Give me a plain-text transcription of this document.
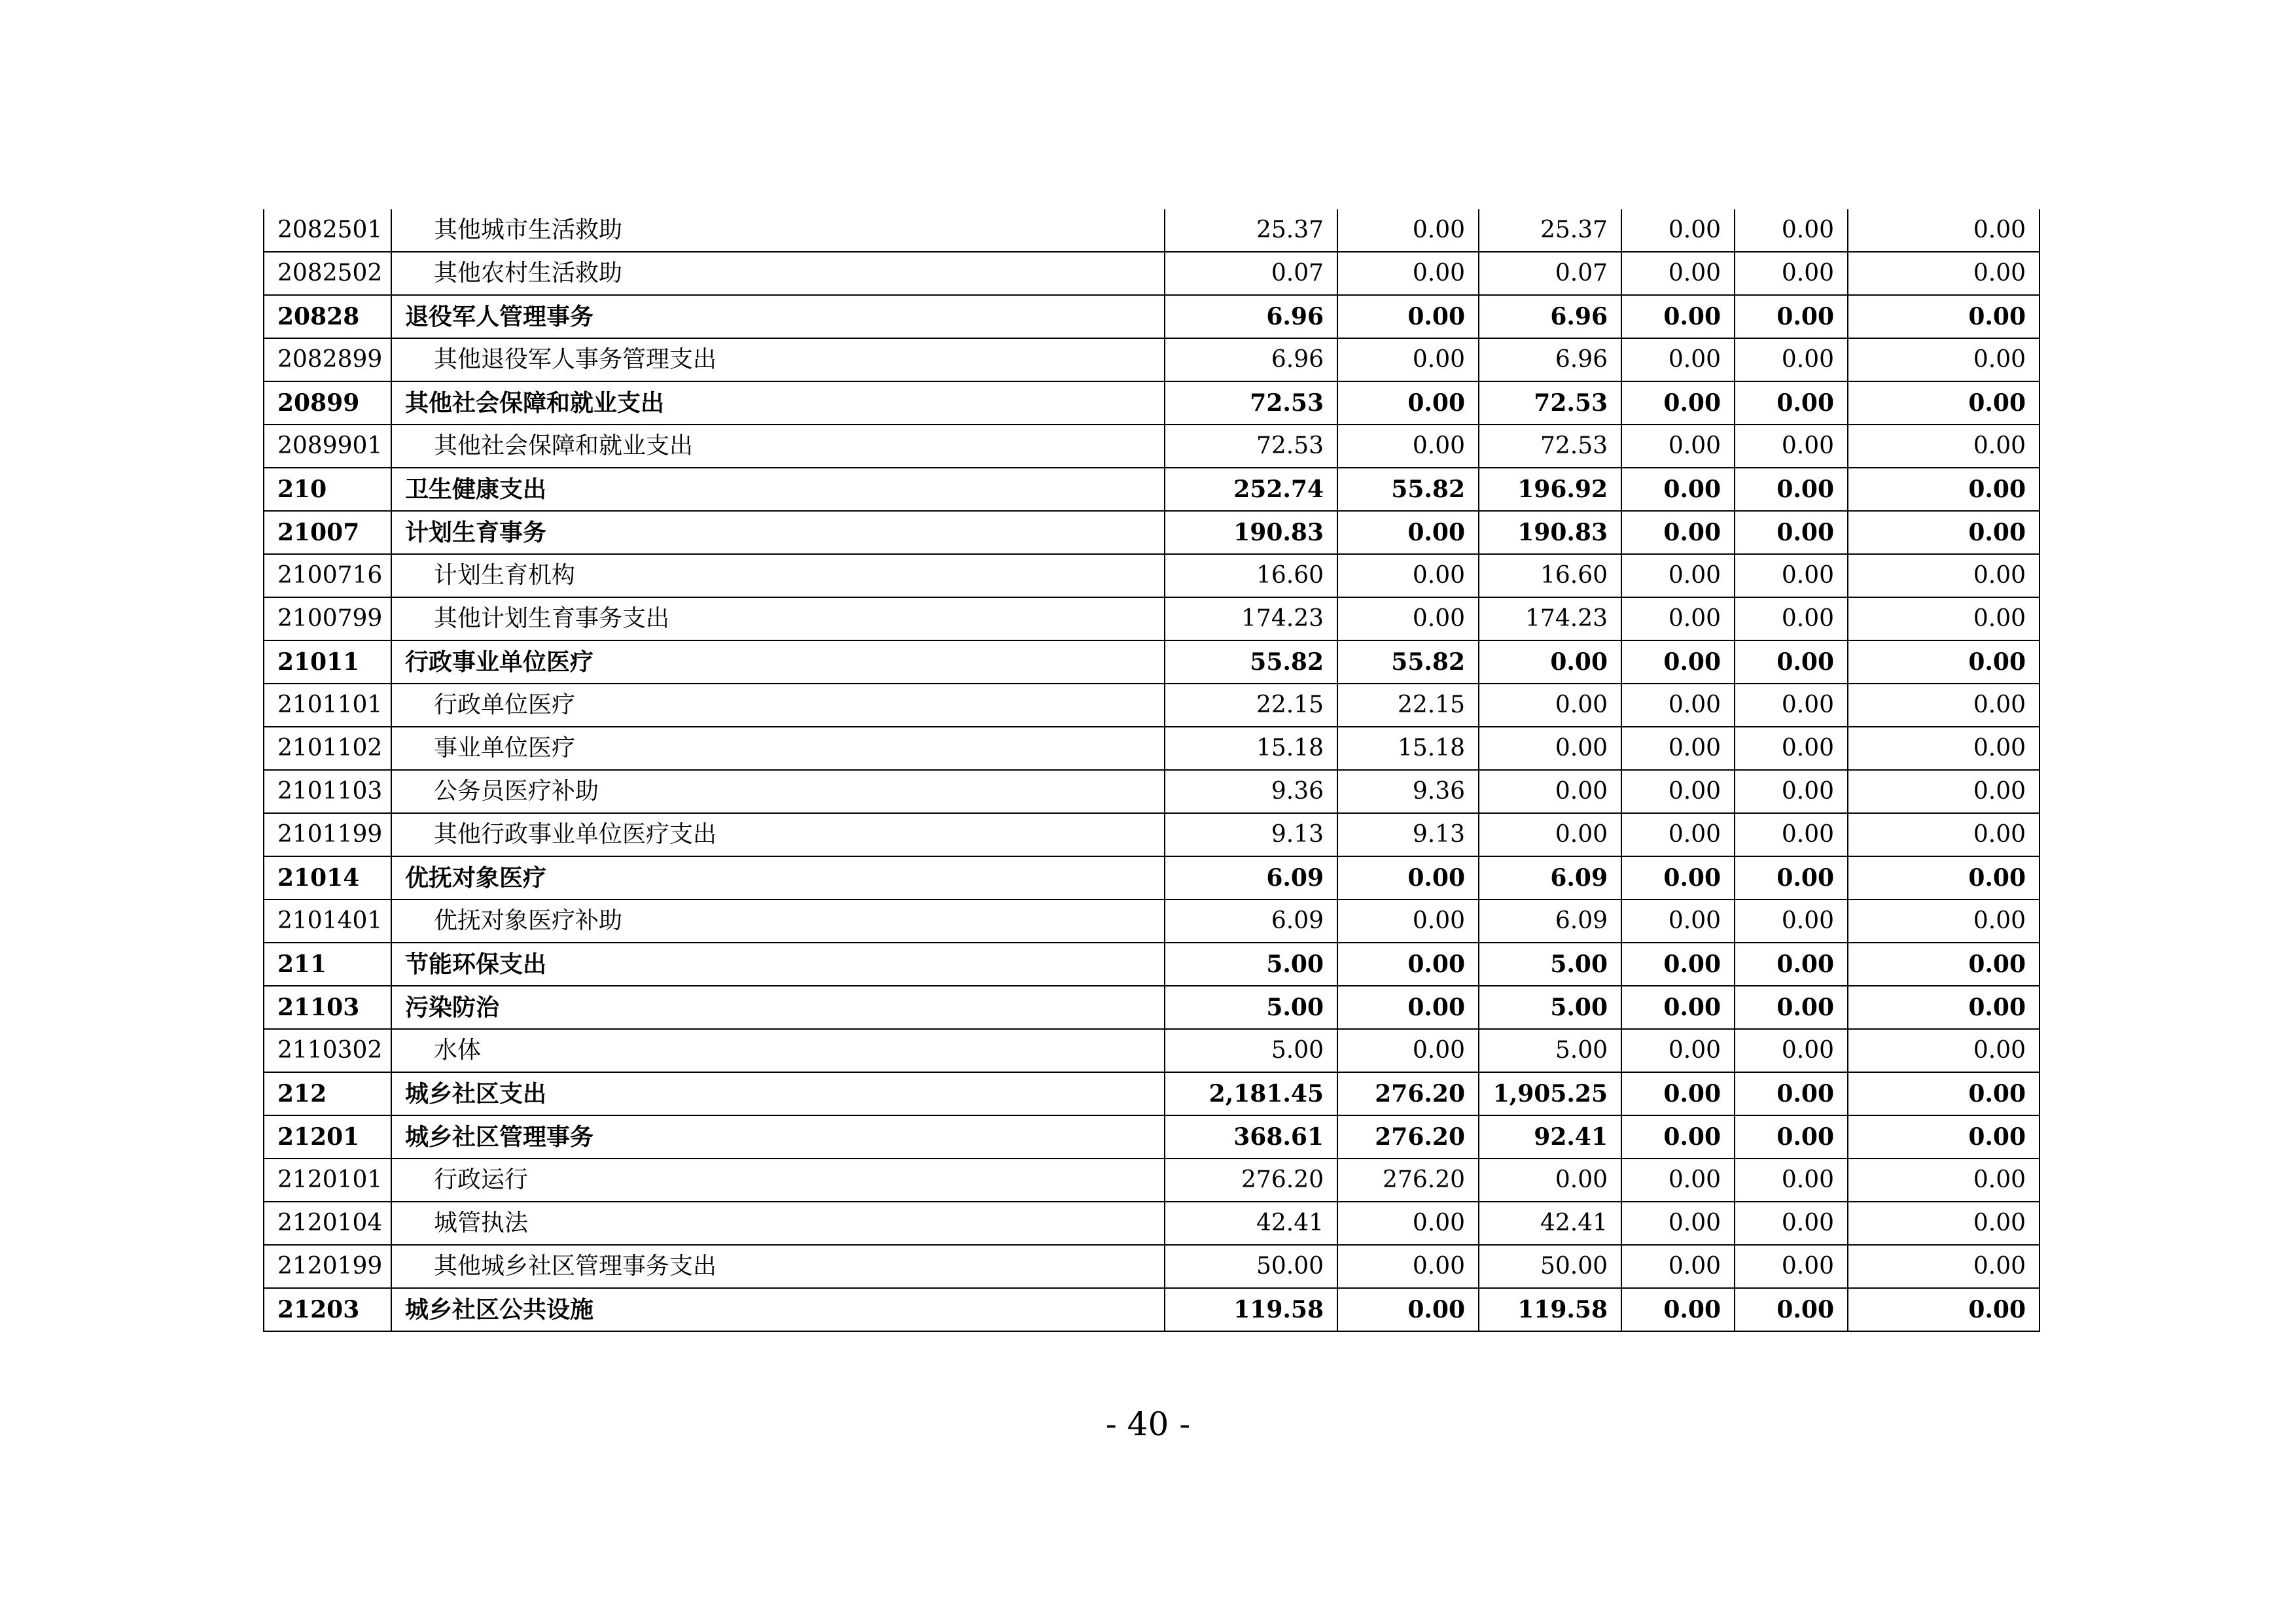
2082501	其他城市生活救助	25.37	0.00	25.37	0.00	0.00	0.00
2082502	其他农村生活救助	0.07	0.00	0.07	0.00	0.00	0.00
20828	退役军人管理事务	6.96	0.00	6.96	0.00	0.00	0.00
2082899	其他退役军人事务管理支出	6.96	0.00	6.96	0.00	0.00	0.00
20899	其他社会保障和就业支出	72.53	0.00	72.53	0.00	0.00	0.00
2089901	其他社会保障和就业支出	72.53	0.00	72.53	0.00	0.00	0.00
210	卫生健康支出	252.74	55.82	196.92	0.00	0.00	0.00
21007	计划生育事务	190.83	0.00	190.83	0.00	0.00	0.00
2100716	计划生育机构	16.60	0.00	16.60	0.00	0.00	0.00
2100799	其他计划生育事务支出	174.23	0.00	174.23	0.00	0.00	0.00
21011	行政事业单位医疗	55.82	55.82	0.00	0.00	0.00	0.00
2101101	行政单位医疗	22.15	22.15	0.00	0.00	0.00	0.00
2101102	事业单位医疗	15.18	15.18	0.00	0.00	0.00	0.00
2101103	公务员医疗补助	9.36	9.36	0.00	0.00	0.00	0.00
2101199	其他行政事业单位医疗支出	9.13	9.13	0.00	0.00	0.00	0.00
21014	优抚对象医疗	6.09	0.00	6.09	0.00	0.00	0.00
2101401	优抚对象医疗补助	6.09	0.00	6.09	0.00	0.00	0.00
211	节能环保支出	5.00	0.00	5.00	0.00	0.00	0.00
21103	污染防治	5.00	0.00	5.00	0.00	0.00	0.00
2110302	水体	5.00	0.00	5.00	0.00	0.00	0.00
212	城乡社区支出	2,181.45	276.20	1,905.25	0.00	0.00	0.00
21201	城乡社区管理事务	368.61	276.20	92.41	0.00	0.00	0.00
2120101	行政运行	276.20	276.20	0.00	0.00	0.00	0.00
2120104	城管执法	42.41	0.00	42.41	0.00	0.00	0.00
2120199	其他城乡社区管理事务支出	50.00	0.00	50.00	0.00	0.00	0.00
21203	城乡社区公共设施	119.58	0.00	119.58	0.00	0.00	0.00
- 40 -
